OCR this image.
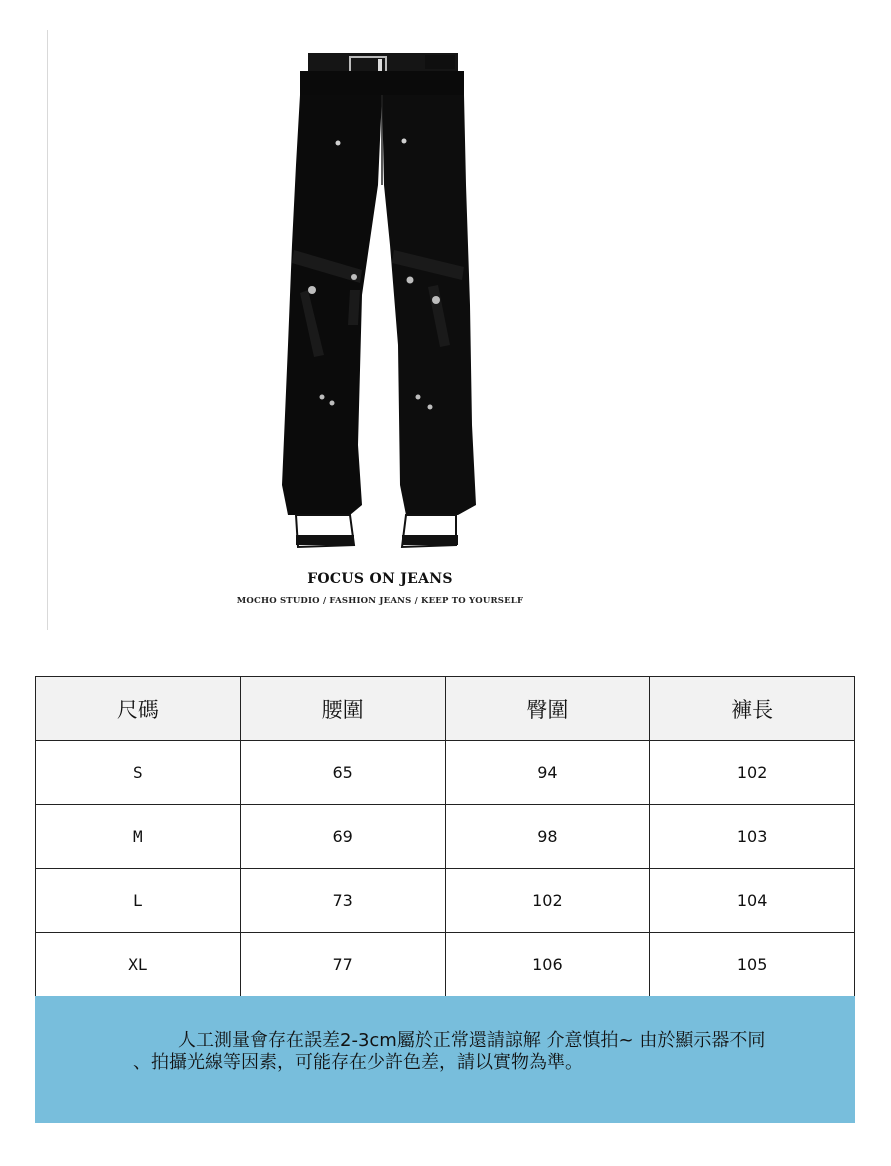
FOCUS ON JEANS
MOCHO STUDIO / FASHION JEANS / KEEP TO YOURSELF
尺碼	腰圍	臀圍	褲長
S	65	94	102
M	69	98	103
L	73	102	104
XL	77	106	105
人工測量會存在誤差2-3cm屬於正常還請諒解 介意慎拍~ 由於顯示器不同
、拍攝光線等因素，可能存在少許色差，請以實物為準。
